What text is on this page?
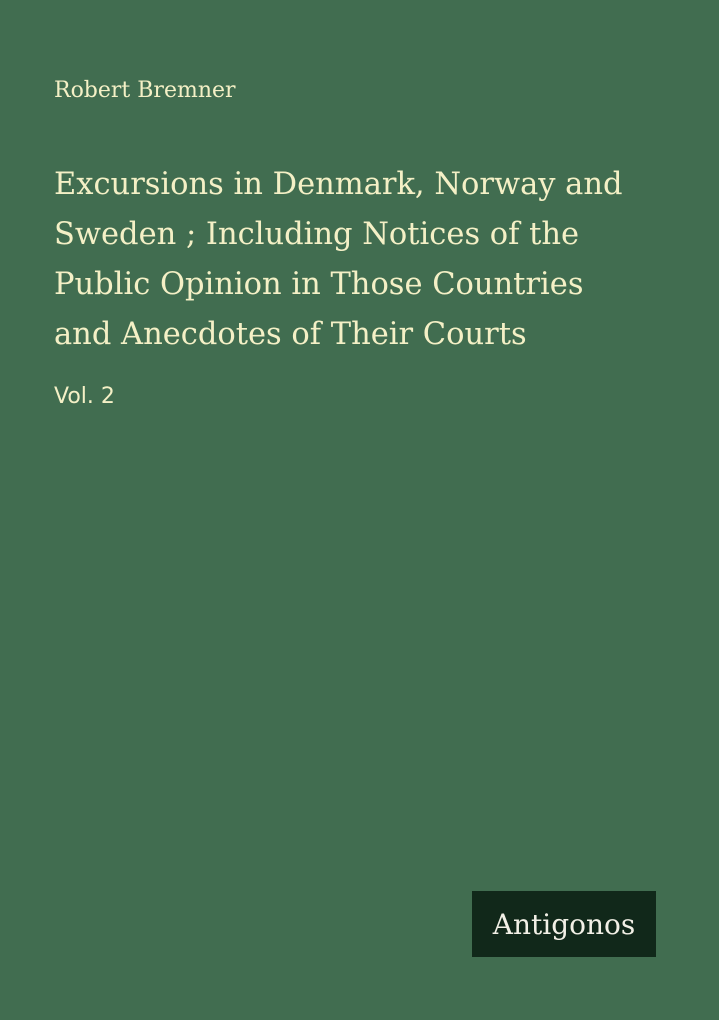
Robert Bremner
Excursions in Denmark, Norway and
Sweden ; Including Notices of the
Public Opinion in Those Countries
and Anecdotes of Their Courts
Vol. 2
Antigonos
